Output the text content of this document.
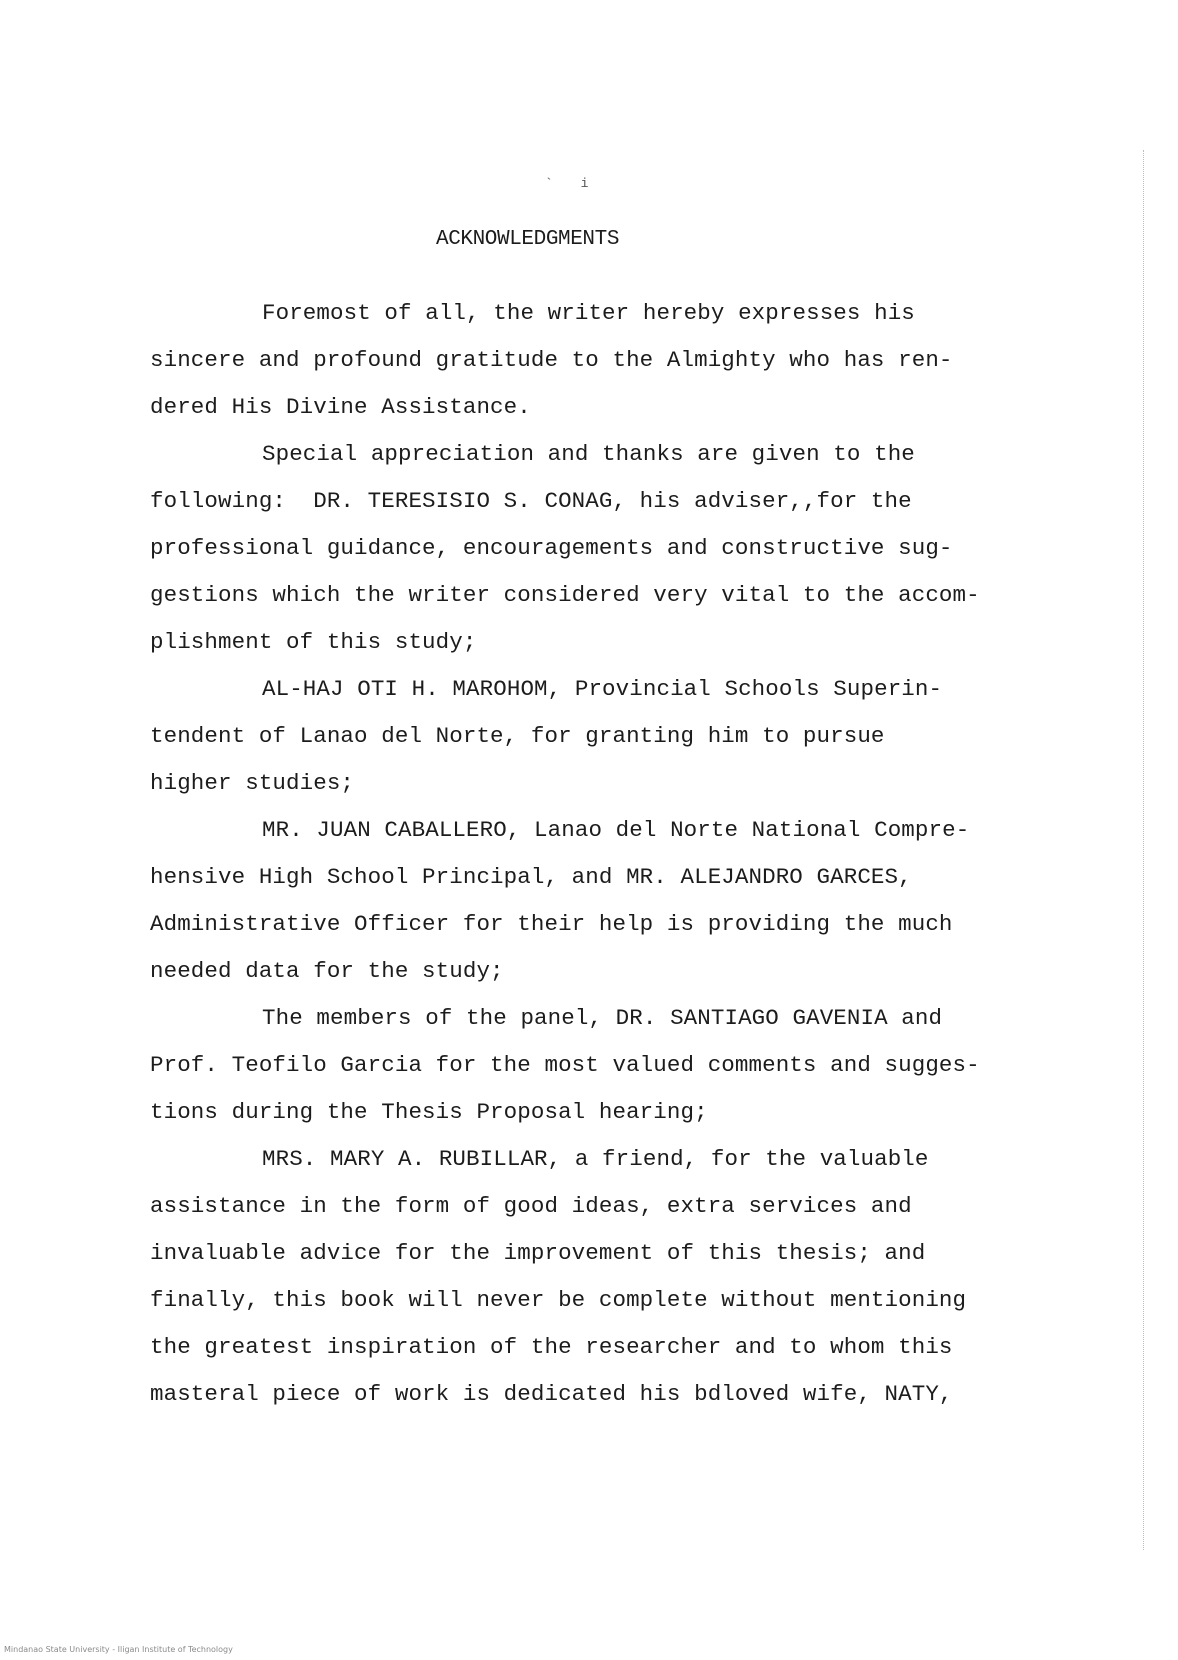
` i
ACKNOWLEDGMENTS

Foremost of all, the writer hereby expresses his

sincere and profound gratitude to the Almighty who has ren-

dered His Divine Assistance.

Special appreciation and thanks are given to the

following:  DR. TERESISIO S. CONAG, his adviser,,for the

professional guidance, encouragements and constructive sug-

gestions which the writer considered very vital to the accom-

plishment of this study;

AL-HAJ OTI H. MAROHOM, Provincial Schools Superin-

tendent of Lanao del Norte, for granting him to pursue

higher studies;

MR. JUAN CABALLERO, Lanao del Norte National Compre-

hensive High School Principal, and MR. ALEJANDRO GARCES,

Administrative Officer for their help is providing the much

needed data for the study;

The members of the panel, DR. SANTIAGO GAVENIA and

Prof. Teofilo Garcia for the most valued comments and sugges-

tions during the Thesis Proposal hearing;

MRS. MARY A. RUBILLAR, a friend, for the valuable

assistance in the form of good ideas, extra services and

invaluable advice for the improvement of this thesis; and

finally, this book will never be complete without mentioning

the greatest inspiration of the researcher and to whom this

masteral piece of work is dedicated his bdloved wife, NATY,

Mindanao State University - Iligan Institute of Technology
